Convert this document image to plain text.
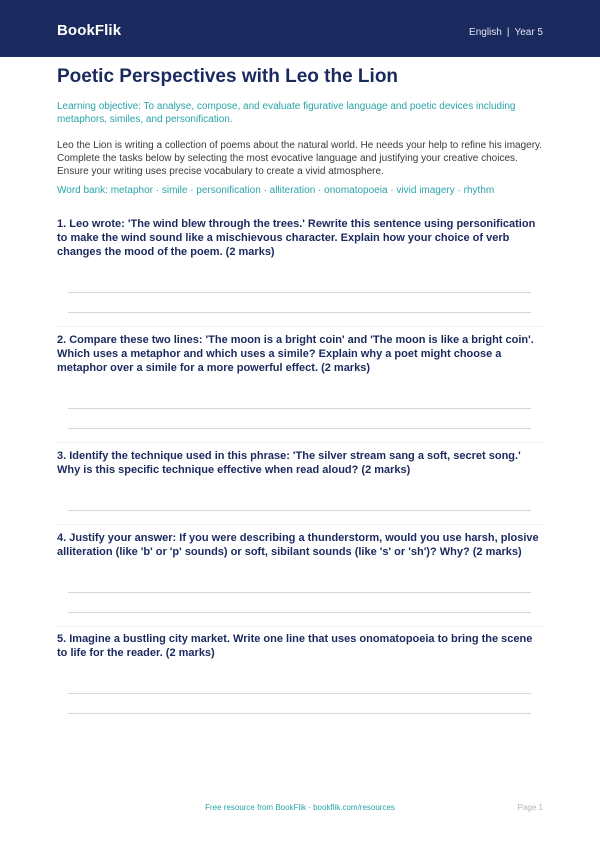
BookFlik	English | Year 5
Poetic Perspectives with Leo the Lion
Learning objective: To analyse, compose, and evaluate figurative language and poetic devices including metaphors, similes, and personification.
Leo the Lion is writing a collection of poems about the natural world. He needs your help to refine his imagery. Complete the tasks below by selecting the most evocative language and justifying your creative choices. Ensure your writing uses precise vocabulary to create a vivid atmosphere.
Word bank: metaphor · simile · personification · alliteration · onomatopoeia · vivid imagery · rhythm
1. Leo wrote: 'The wind blew through the trees.' Rewrite this sentence using personification to make the wind sound like a mischievous character. Explain how your choice of verb changes the mood of the poem. (2 marks)
2. Compare these two lines: 'The moon is a bright coin' and 'The moon is like a bright coin'. Which uses a metaphor and which uses a simile? Explain why a poet might choose a metaphor over a simile for a more powerful effect. (2 marks)
3. Identify the technique used in this phrase: 'The silver stream sang a soft, secret song.' Why is this specific technique effective when read aloud? (2 marks)
4. Justify your answer: If you were describing a thunderstorm, would you use harsh, plosive alliteration (like 'b' or 'p' sounds) or soft, sibilant sounds (like 's' or 'sh')? Why? (2 marks)
5. Imagine a bustling city market. Write one line that uses onomatopoeia to bring the scene to life for the reader. (2 marks)
Free resource from BookFlik · bookflik.com/resources	Page 1
